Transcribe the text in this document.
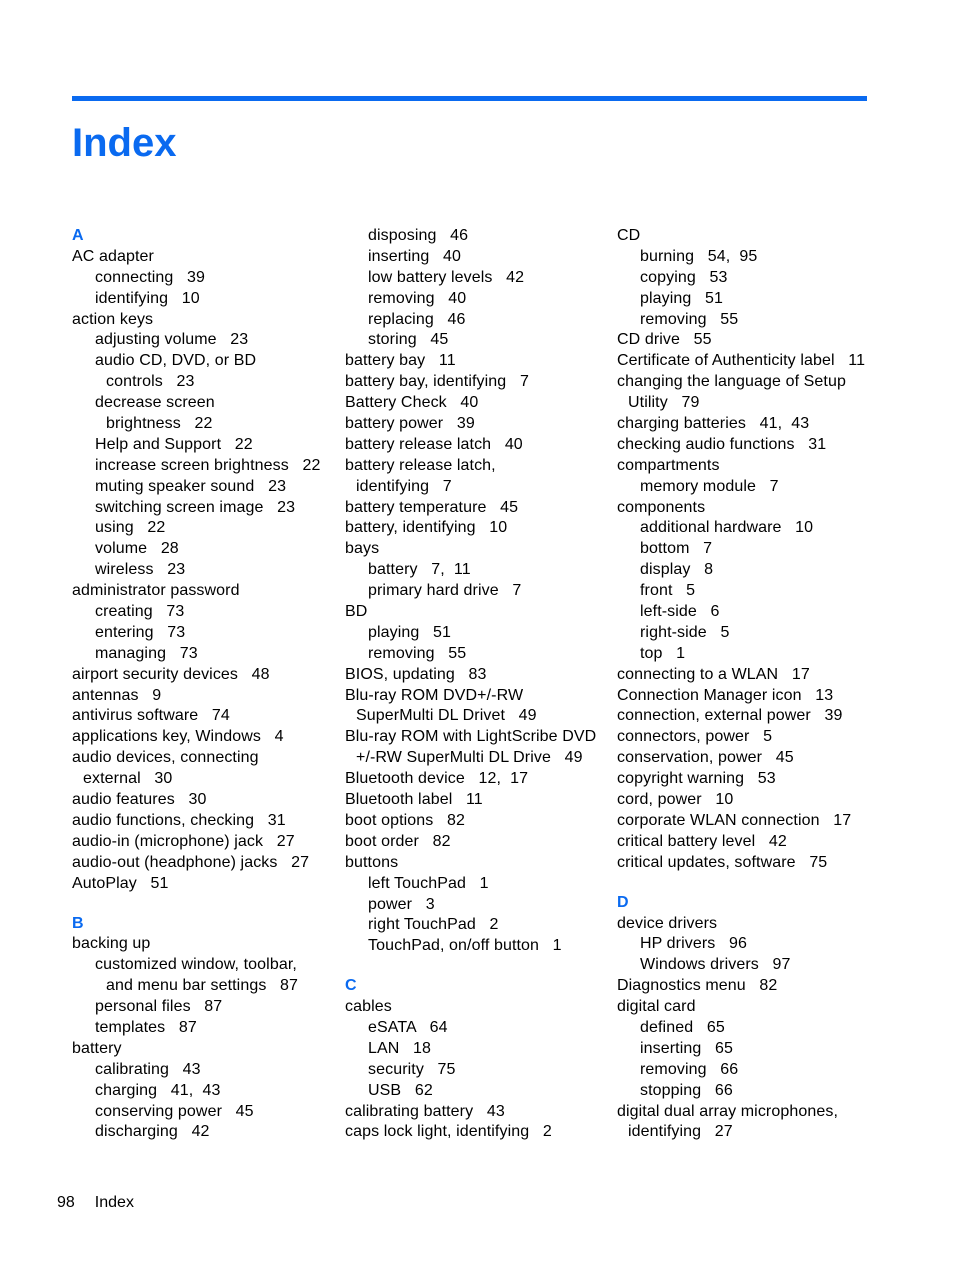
Index
A
AC adapter
connecting   39
identifying   10
action keys
adjusting volume   23
audio CD, DVD, or BD
controls   23
decrease screen
brightness   22
Help and Support   22
increase screen brightness   22
muting speaker sound   23
switching screen image   23
using   22
volume   28
wireless   23
administrator password
creating   73
entering   73
managing   73
airport security devices   48
antennas   9
antivirus software   74
applications key, Windows   4
audio devices, connecting
external   30
audio features   30
audio functions, checking   31
audio-in (microphone) jack   27
audio-out (headphone) jacks   27
AutoPlay   51
B
backing up
customized window, toolbar,
and menu bar settings   87
personal files   87
templates   87
battery
calibrating   43
charging   41,  43
conserving power   45
discharging   42
disposing   46
inserting   40
low battery levels   42
removing   40
replacing   46
storing   45
battery bay   11
battery bay, identifying   7
Battery Check   40
battery power   39
battery release latch   40
battery release latch,
identifying   7
battery temperature   45
battery, identifying   10
bays
battery   7,  11
primary hard drive   7
BD
playing   51
removing   55
BIOS, updating   83
Blu-ray ROM DVD+/-RW
SuperMulti DL Drivet   49
Blu-ray ROM with LightScribe DVD
+/-RW SuperMulti DL Drive   49
Bluetooth device   12,  17
Bluetooth label   11
boot options   82
boot order   82
buttons
left TouchPad   1
power   3
right TouchPad   2
TouchPad, on/off button   1
C
cables
eSATA   64
LAN   18
security   75
USB   62
calibrating battery   43
caps lock light, identifying   2
CD
burning   54,  95
copying   53
playing   51
removing   55
CD drive   55
Certificate of Authenticity label   11
changing the language of Setup
Utility   79
charging batteries   41,  43
checking audio functions   31
compartments
memory module   7
components
additional hardware   10
bottom   7
display   8
front   5
left-side   6
right-side   5
top   1
connecting to a WLAN   17
Connection Manager icon   13
connection, external power   39
connectors, power   5
conservation, power   45
copyright warning   53
cord, power   10
corporate WLAN connection   17
critical battery level   42
critical updates, software   75
D
device drivers
HP drivers   96
Windows drivers   97
Diagnostics menu   82
digital card
defined   65
inserting   65
removing   66
stopping   66
digital dual array microphones,
identifying   27
98 Index
